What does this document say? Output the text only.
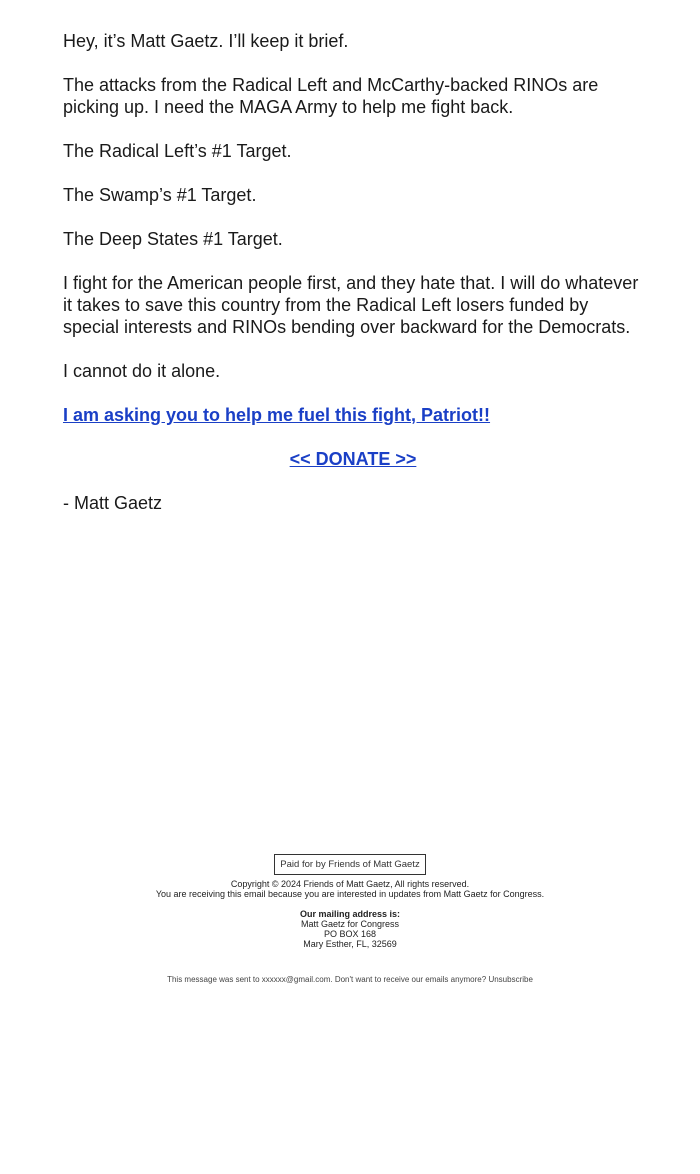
Hey, it’s Matt Gaetz. I’ll keep it brief.

The attacks from the Radical Left and McCarthy-backed RINOs are picking up. I need the MAGA Army to help me fight back.

The Radical Left’s #1 Target.

The Swamp’s #1 Target.

The Deep States #1 Target.

I fight for the American people first, and they hate that. I will do whatever it takes to save this country from the Radical Left losers funded by special interests and RINOs bending over backward for the Democrats.

I cannot do it alone.

I am asking you to help me fuel this fight, Patriot!!

<< DONATE >>

- Matt Gaetz

Paid for by Friends of Matt Gaetz
Copyright © 2024 Friends of Matt Gaetz, All rights reserved.
You are receiving this email because you are interested in updates from Matt Gaetz for Congress.
Our mailing address is:
Matt Gaetz for Congress
PO BOX 168
Mary Esther, FL, 32569
This message was sent to xxxxxx@gmail.com. Don't want to receive our emails anymore? Unsubscribe
